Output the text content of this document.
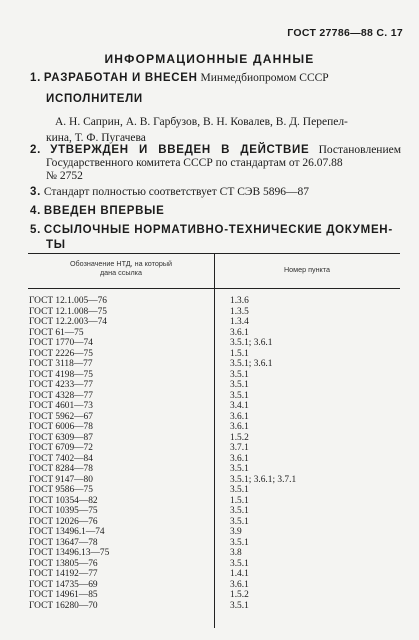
ГОСТ 27786—88 С. 17
ИНФОРМАЦИОННЫЕ ДАННЫЕ
1. РАЗРАБОТАН И ВНЕСЕН Минмедбиопромом СССР
ИСПОЛНИТЕЛИ
А. Н. Саприн, А. В. Гарбузов, В. Н. Ковалев, В. Д. Перепел-
кина, Т. Ф. Пугачева
2. УТВЕРЖДЕН И ВВЕДЕН В ДЕЙСТВИЕ Постановлением
Государственного комитета СССР по стандартам от 26.07.88
№ 2752
3. Стандарт полностью соответствует СТ СЭВ 5896—87
4. ВВЕДЕН ВПЕРВЫЕ
5. ССЫЛОЧНЫЕ НОРМАТИВНО-ТЕХНИЧЕСКИЕ ДОКУМЕН-
ТЫ
Обозначение НТД, на который
дана ссылка	Номер пункта
ГОСТ 12.1.005—76	1.3.6
ГОСТ 12.1.008—75	1.3.5
ГОСТ 12.2.003—74	1.3.4
ГОСТ 61—75	3.6.1
ГОСТ 1770—74	3.5.1; 3.6.1
ГОСТ 2226—75	1.5.1
ГОСТ 3118—77	3.5.1; 3.6.1
ГОСТ 4198—75	3.5.1
ГОСТ 4233—77	3.5.1
ГОСТ 4328—77	3.5.1
ГОСТ 4601—73	3.4.1
ГОСТ 5962—67	3.6.1
ГОСТ 6006—78	3.6.1
ГОСТ 6309—87	1.5.2
ГОСТ 6709—72	3.7.1
ГОСТ 7402—84	3.6.1
ГОСТ 8284—78	3.5.1
ГОСТ 9147—80	3.5.1; 3.6.1; 3.7.1
ГОСТ 9586—75	3.5.1
ГОСТ 10354—82	1.5.1
ГОСТ 10395—75	3.5.1
ГОСТ 12026—76	3.5.1
ГОСТ 13496.1—74	3.9
ГОСТ 13647—78	3.5.1
ГОСТ 13496.13—75	3.8
ГОСТ 13805—76	3.5.1
ГОСТ 14192—77	1.4.1
ГОСТ 14735—69	3.6.1
ГОСТ 14961—85	1.5.2
ГОСТ 16280—70	3.5.1
